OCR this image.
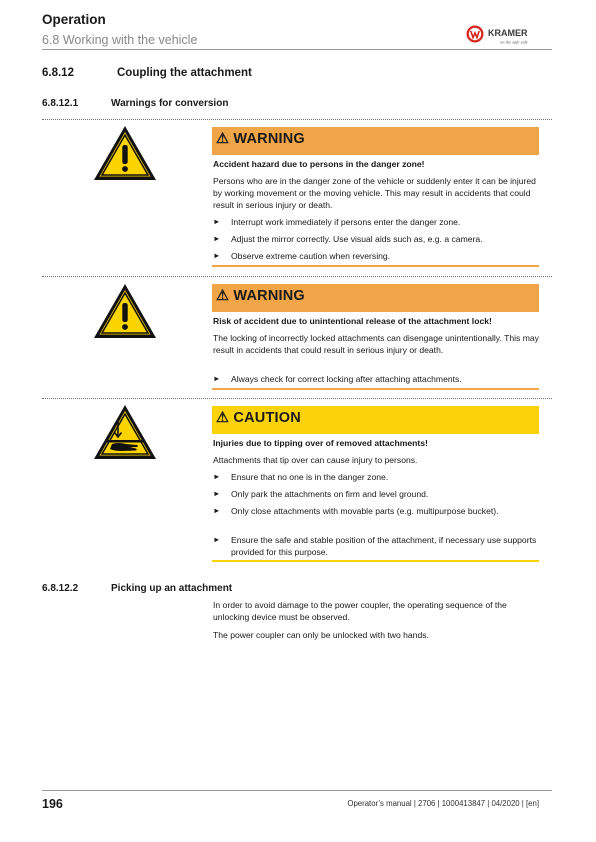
Operation
6.8 Working with the vehicle	KRAMER
on the safe side
6.8.12	Coupling the attachment
6.8.12.1	Warnings for conversion
⚠ WARNING
Accident hazard due to persons in the danger zone!
Persons who are in the danger zone of the vehicle or suddenly enter it can be injured by working movement or the moving vehicle. This may result in accidents that could result in serious injury or death.
► Interrupt work immediately if persons enter the danger zone.
► Adjust the mirror correctly. Use visual aids such as, e.g. a camera.
► Observe extreme caution when reversing.
⚠ WARNING
Risk of accident due to unintentional release of the attachment lock!
The locking of incorrectly locked attachments can disengage unintentionally. This may result in accidents that could result in serious injury or death.
► Always check for correct locking after attaching attachments.
⚠ CAUTION
Injuries due to tipping over of removed attachments!
Attachments that tip over can cause injury to persons.
► Ensure that no one is in the danger zone.
► Only park the attachments on firm and level ground.
► Only close attachments with movable parts (e.g. multipurpose bucket).
► Ensure the safe and stable position of the attachment, if necessary use supports provided for this purpose.
6.8.12.2	Picking up an attachment
In order to avoid damage to the power coupler, the operating sequence of the unlocking device must be observed.
The power coupler can only be unlocked with two hands.
196	Operator’s manual | 2706 | 1000413847 | 04/2020 | [en]
